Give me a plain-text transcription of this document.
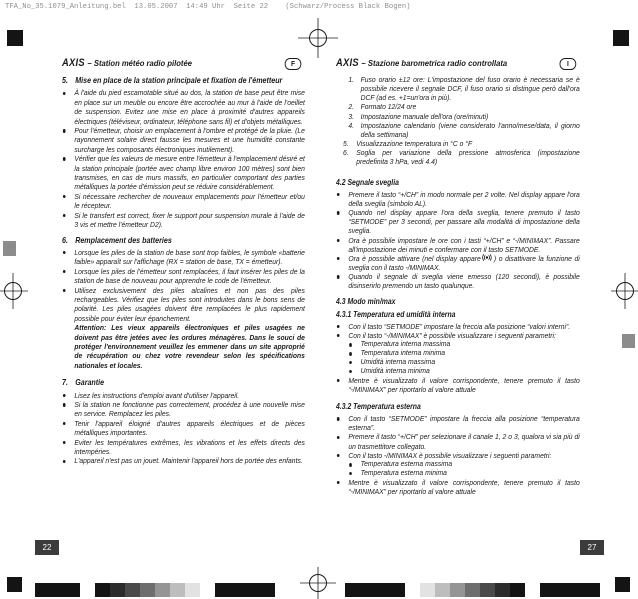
TFA_No_35.1079_Anleitung.bel  13.05.2007  14:49 Uhr  Seite 22    (Schwarz/Process Black Bogen)
AXIS – Station météo radio pilotée	F
5. Mise en place de la station principale et fixation de l'émetteur
À l'aide du pied escamotable situé au dos, la station de base peut être mise en place sur un meuble ou encore être accrochée au mur à l'aide de l'oeillet de suspension. Evitez une mise en place à proximité d'autres appareils électriques (téléviseur, ordinateur, téléphone sans fil) et d'objets métalliques.
Pour l'émetteur, choisir un emplacement à l'ombre et protégé de la pluie. (Le rayonnement solaire direct fausse les mesures et une humidité constante surcharge les composants électroniques inutilement).
Vérifier que les valeurs de mesure entre l'émetteur à l'emplacement désiré et la station principale (portée avec champ libre environ 100 mètres) sont bien transmises, en cas de murs massifs, en particulier comportant des parties métalliques la portée d'émission peut se réduire considérablement.
Si nécessaire rechercher de nouveaux emplacements pour l'émetteur et/ou le récepteur.
Si le transfert est correct, fixer le support pour suspension murale à l'aide de 3 vis et mettre l'émetteur D2).
6. Remplacement des batteries
Lorsque les piles de la station de base sont trop faibles, le symbole «batterie faible» apparaît sur l'affichage (RX = station de base, TX = émetteur).
Lorsque les piles de l'émetteur sont remplacées, il faut insérer les piles de la station de base de nouveau pour apprendre le code de l'émetteur.
Utilisez exclusivement des piles alcalines et non pas des piles rechargeables. Vérifiez que les piles sont introduites dans le bons sens de polarité. Les piles usagées doivent être remplacées le plus rapidement possible pour éviter leur épanchement.
Attention: Les vieux appareils électroniques et piles usagées ne doivent pas être jetées avec les ordures ménagères. Dans le souci de protéger l'environnement veuillez les emmener dans un site approprié de récupération ou chez votre revendeur selon les spécifications nationales et locales.
7. Garantie
Lisez les instructions d'emploi avant d'utiliser l'appareil.
Si la station ne fonctionne pas correctement, procédez à une nouvelle mise en service. Remplacez les piles.
Tenir l'appareil éloigné d'autres appareils électriques et de pièces métalliques importantes.
Eviter les températures extrêmes, les vibrations et les effets directs des intempéries.
L'appareil n'est pas un jouet. Maintenir l'appareil hors de portée des enfants.
AXIS – Stazione barometrica radio controllata	I
1. Fuso orario ±12 ore: L'impostazione del fuso orario è necessaria se è possibile ricevere il segnale DCF, il fuso orario si distingue però dall'ora DCF (ad es. +1=un'ora in più).
2. Formato 12/24 ore
3. Impostazione manuale dell'ora (ore/minuti)
4. Impostazione calendario (viene considerato l'anno/mese/data, il giorno della settimana)
5. Visualizzazione temperatura in °C o °F
6. Soglia per variazione della pressione atmosferica (impostazione predefinita 3 hPa, vedi 4.4)
4.2 Segnale sveglia
Premere il tasto “+/CH” in modo normale per 2 volte. Nel display appare l'ora della sveglia (simbolo AL).
Quando nel display appare l'ora della sveglia, tenere premuto il tasto “SETMODE” per 3 secondi, per passare alla modalità di impostazione della sveglia.
Ora è possibile impostare le ore con i tasti “+/CH” e “-/MINIMAX”. Passare all'impostazione dei minuti e confermare con il tasto SETMODE.
Ora è possibile attivare (nel display appare ) o disattivare la funzione di sveglia con il tasto -/MINIMAX.
Quando il segnale di sveglia viene emesso (120 secondi), è possibile disinserirlo premendo un tasto qualunque.
4.3 Modo min/max
4.3.1 Temperatura ed umidità interna
Con il tasto “SETMODE” impostare la freccia alla posizione “valori interni”.
Con il tasto “-/MINIMAX” è possibile visualizzare i seguenti parametri:
Temperatura interna massima
Temperatura interna minima
Umidità interna massima
Umidità interna minima
Mentre è visualizzato il valore corrispondente, tenere premuto il tasto “-/MINIMAX” per riportarlo al valore attuale
4.3.2 Temperatura esterna
Con il tasto “SETMODE” impostare la freccia alla posizione “temperatura esterna”.
Premere il tasto “+/CH” per selezionare il canale 1, 2 o 3, qualora vi sia più di un trasmettitore collegato.
Con il tasto -/MINIMAX è possibile visualizzare i seguenti parametri:
Temperatura esterna massima
Temperatura esterna minima
Mentre è visualizzato il valore corrispondente, tenere premuto il tasto “-/MINIMAX” per riportarlo al valore attuale
22	27
